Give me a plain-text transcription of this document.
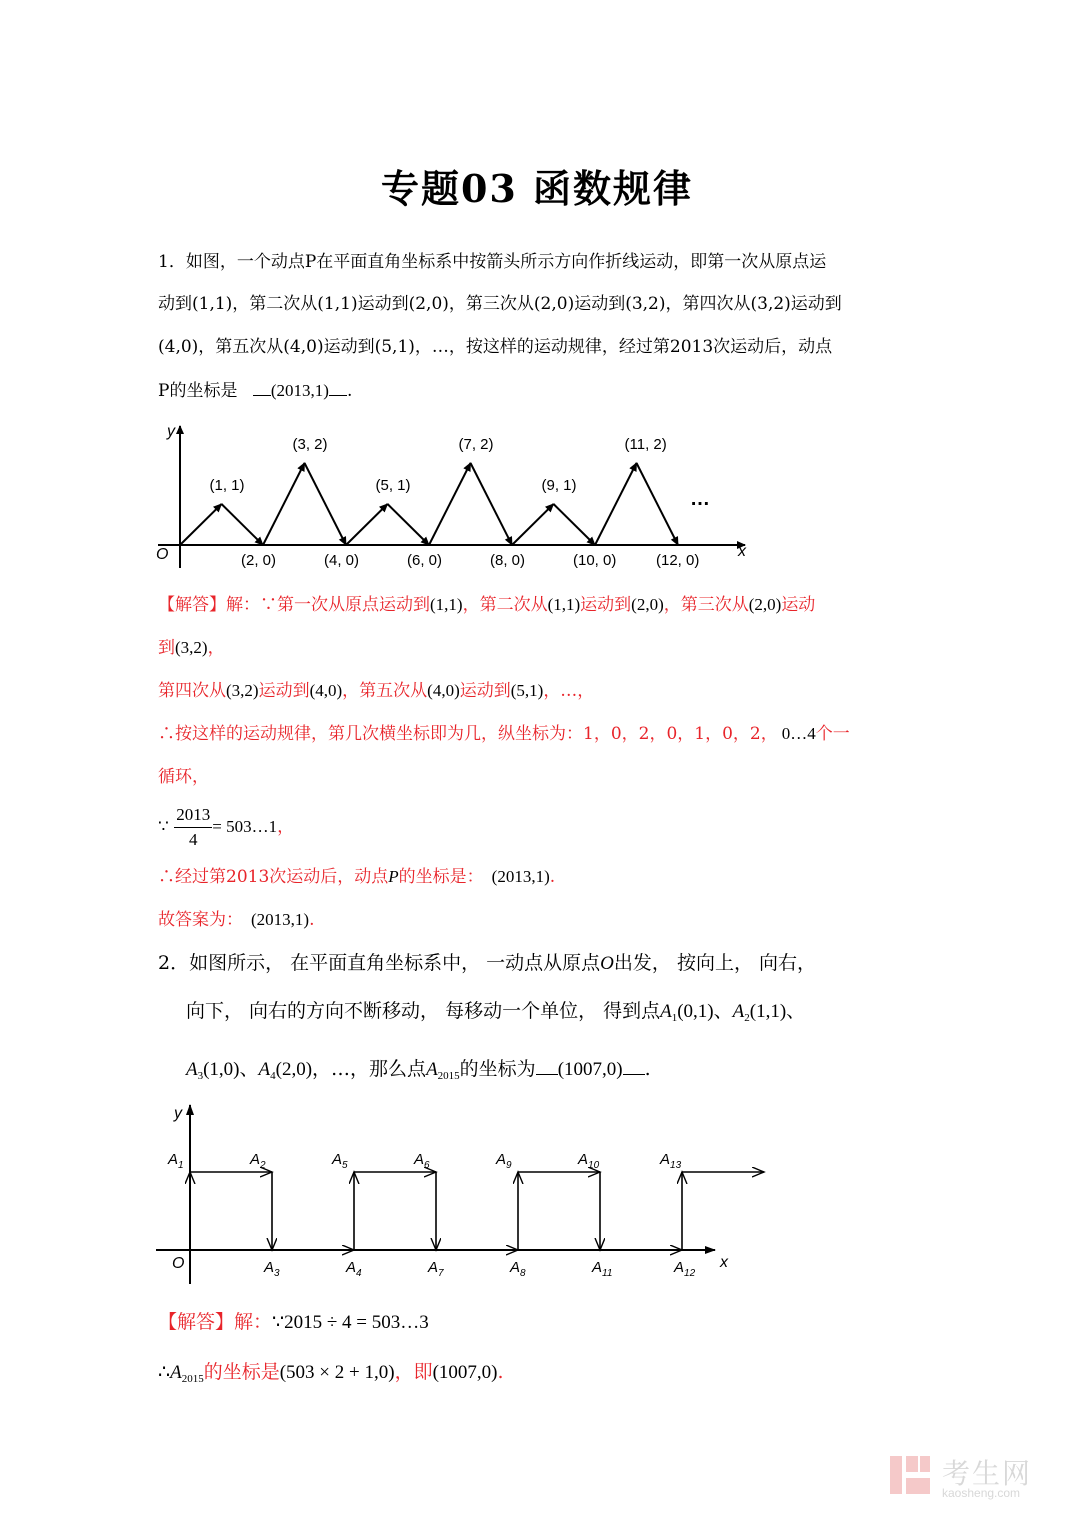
专题03 函数规律
1．如图，一个动点P在平面直角坐标系中按箭头所示方向作折线运动，即第一次从原点运
动到(1,1)，第二次从(1,1)运动到(2,0)，第三次从(2,0)运动到(3,2)，第四次从(3,2)运动到
(4,0)，第五次从(4,0)运动到(5,1)，…，按这样的运动规律，经过第2013次运动后，动点
P的坐标是 (2013,1) .
O	x
y
(1, 1)
(3, 2)
(5, 1)
(7, 2)
(9, 1)
(11, 2)
(2, 0)	(4, 0)	(6, 0)	(8, 0)	(10, 0)	(12, 0)
…
【解答】解：∵第一次从原点运动到(1,1)，第二次从(1,1)运动到(2,0)，第三次从(2,0)运动
到(3,2)，
第四次从(3,2)运动到(4,0)，第五次从(4,0)运动到(5,1)，…，
∴按这样的运动规律，第几次横坐标即为几，纵坐标为：1，0，2，0，1，0，2， 0…4个一
循环，
∵ $\frac{2013}{4}$ = 503…1，
∴经过第2013次运动后，动点P的坐标是： (2013,1).
故答案为： (2013,1).
2．如图所示， 在平面直角坐标系中， 一动点从原点O出发， 按向上， 向右，
向下， 向右的方向不断移动， 每移动一个单位， 得到点$A_1(0,1)$、$A_2(1,1)$、
$A_3(1,0)$、$A_4(2,0)$，…，那么点$A_{2015}$的坐标为 (1007,0) .
O	x
y
$A_1$	$A_2$	$A_5$	$A_6$	$A_9$	$A_{10}$	$A_{13}$
$A_3$	$A_4$	$A_7$	$A_8$	$A_{11}$	$A_{12}$
【解答】解：∵2015 ÷ 4 = 503…3
$\therefore A_{2015}$的坐标是(503 × 2 + 1,0)，即(1007,0).
考生网
kaosheng.com
